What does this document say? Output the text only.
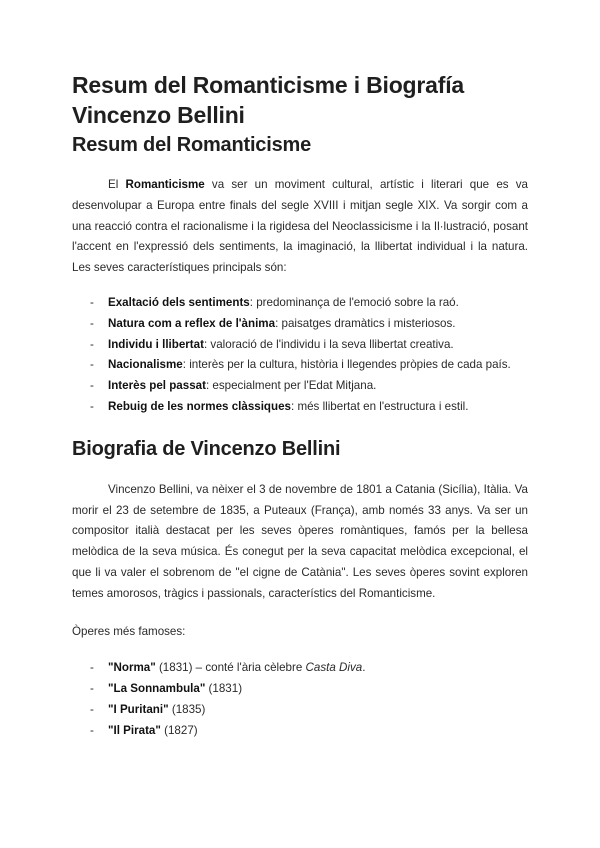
Resum del Romanticisme i Biografía Vincenzo Bellini
Resum del Romanticisme

El Romanticisme va ser un moviment cultural, artístic i literari que es va desenvolupar a Europa entre finals del segle XVIII i mitjan segle XIX. Va sorgir com a una reacció contra el racionalisme i la rigidesa del Neoclassicisme i la Il·lustració, posant l'accent en l'expressió dels sentiments, la imaginació, la llibertat individual i la natura. Les seves característiques principals són:

- Exaltació dels sentiments: predominança de l'emoció sobre la raó.
- Natura com a reflex de l'ànima: paisatges dramàtics i misteriosos.
- Individu i llibertat: valoració de l'individu i la seva llibertat creativa.
- Nacionalisme: interès per la cultura, història i llegendes pròpies de cada país.
- Interès pel passat: especialment per l'Edat Mitjana.
- Rebuig de les normes clàssiques: més llibertat en l'estructura i estil.
Biografia de Vincenzo Bellini

Vincenzo Bellini, va nèixer el 3 de novembre de 1801 a Catania (Sicília), Itàlia. Va morir el 23 de setembre de 1835, a Puteaux (França), amb només 33 anys. Va ser un compositor italià destacat per les seves òperes romàntiques, famós per la bellesa melòdica de la seva música. És conegut per la seva capacitat melòdica excepcional, el que li va valer el sobrenom de "el cigne de Catània". Les seves òperes sovint exploren temes amorosos, tràgics i passionals, característics del Romanticisme.

Òperes més famoses:

- "Norma" (1831) – conté l'ària cèlebre Casta Diva.
- "La Sonnambula" (1831)
- "I Puritani" (1835)
- "Il Pirata" (1827)
